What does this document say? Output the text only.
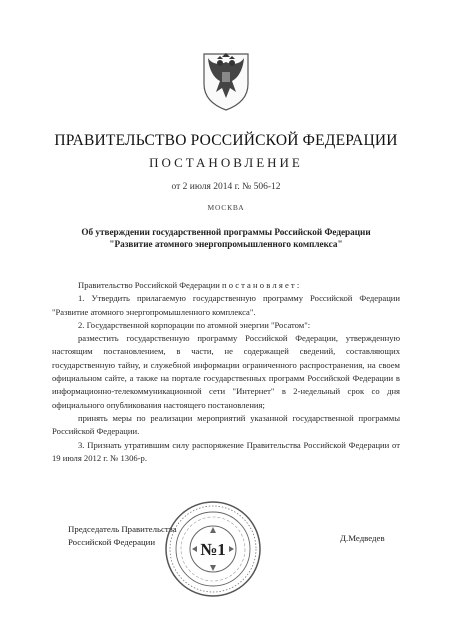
ПРАВИТЕЛЬСТВО РОССИЙСКОЙ ФЕДЕРАЦИИ
ПОСТАНОВЛЕНИЕ
от 2 июля 2014 г. № 506-12
МОСКВА
Об утверждении государственной программы Российской Федерации
"Развитие атомного энергопромышленного комплекса"

Правительство Российской Федерации п о с т а н о в л я е т :

1. Утвердить прилагаемую государственную программу Российской Федерации "Развитие атомного энергопромышленного комплекса".

2. Государственной корпорации по атомной энергии "Росатом":

разместить государственную программу Российской Федерации, утвержденную настоящим постановлением, в части, не содержащей сведений, составляющих государственную тайну, и служебной информации ограниченного распространения, на своем официальном сайте, а также на портале государственных программ Российской Федерации в информационно-телекоммуникационной сети "Интернет" в 2-недельный срок со дня официального опубликования настоящего постановления;

принять меры по реализации мероприятий указанной государственной программы Российской Федерации.

3. Признать утратившим силу распоряжение Правительства Российской Федерации от 19 июля 2012 г. № 1306-р.

Председатель Правительства Российской Федерации	Д.Медведев
№1
